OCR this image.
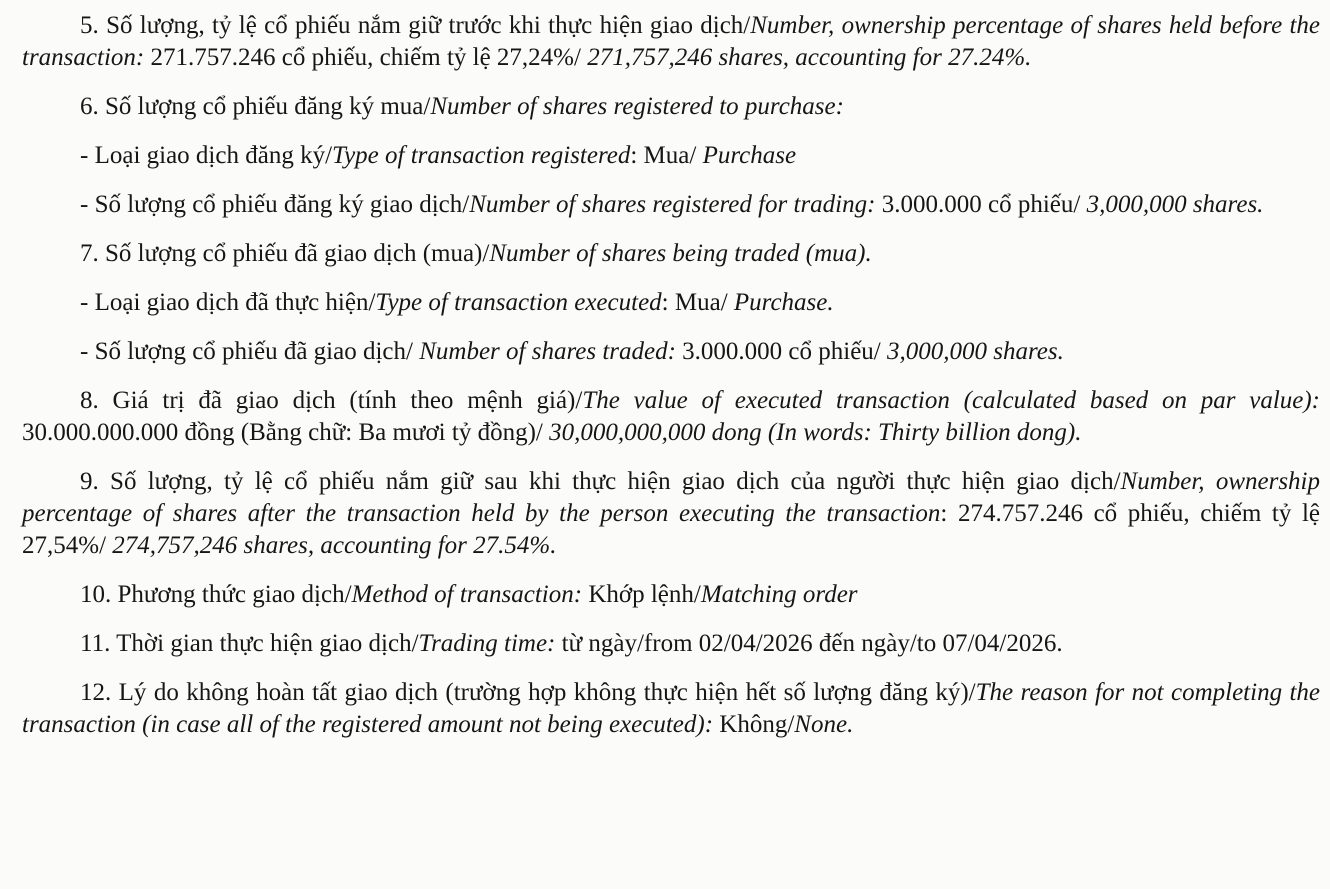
5. Số lượng, tỷ lệ cổ phiếu nắm giữ trước khi thực hiện giao dịch/Number, ownership percentage of shares held before the transaction: 271.757.246 cổ phiếu, chiếm tỷ lệ 27,24%/ 271,757,246 shares, accounting for 27.24%.

6. Số lượng cổ phiếu đăng ký mua/Number of shares registered to purchase:

- Loại giao dịch đăng ký/Type of transaction registered: Mua/ Purchase

- Số lượng cổ phiếu đăng ký giao dịch/Number of shares registered for trading: 3.000.000 cổ phiếu/ 3,000,000 shares.

7. Số lượng cổ phiếu đã giao dịch (mua)/Number of shares being traded (mua).

- Loại giao dịch đã thực hiện/Type of transaction executed: Mua/ Purchase.

- Số lượng cổ phiếu đã giao dịch/ Number of shares traded: 3.000.000 cổ phiếu/ 3,000,000 shares.

8. Giá trị đã giao dịch (tính theo mệnh giá)/The value of executed transaction (calculated based on par value): 30.000.000.000 đồng (Bằng chữ: Ba mươi tỷ đồng)/ 30,000,000,000 dong (In words: Thirty billion dong).

9. Số lượng, tỷ lệ cổ phiếu nắm giữ sau khi thực hiện giao dịch của người thực hiện giao dịch/Number, ownership percentage of shares after the transaction held by the person executing the transaction: 274.757.246 cổ phiếu, chiếm tỷ lệ 27,54%/ 274,757,246 shares, accounting for 27.54%.

10. Phương thức giao dịch/Method of transaction: Khớp lệnh/Matching order

11. Thời gian thực hiện giao dịch/Trading time: từ ngày/from 02/04/2026 đến ngày/to 07/04/2026.

12. Lý do không hoàn tất giao dịch (trường hợp không thực hiện hết số lượng đăng ký)/The reason for not completing the transaction (in case all of the registered amount not being executed): Không/None.
